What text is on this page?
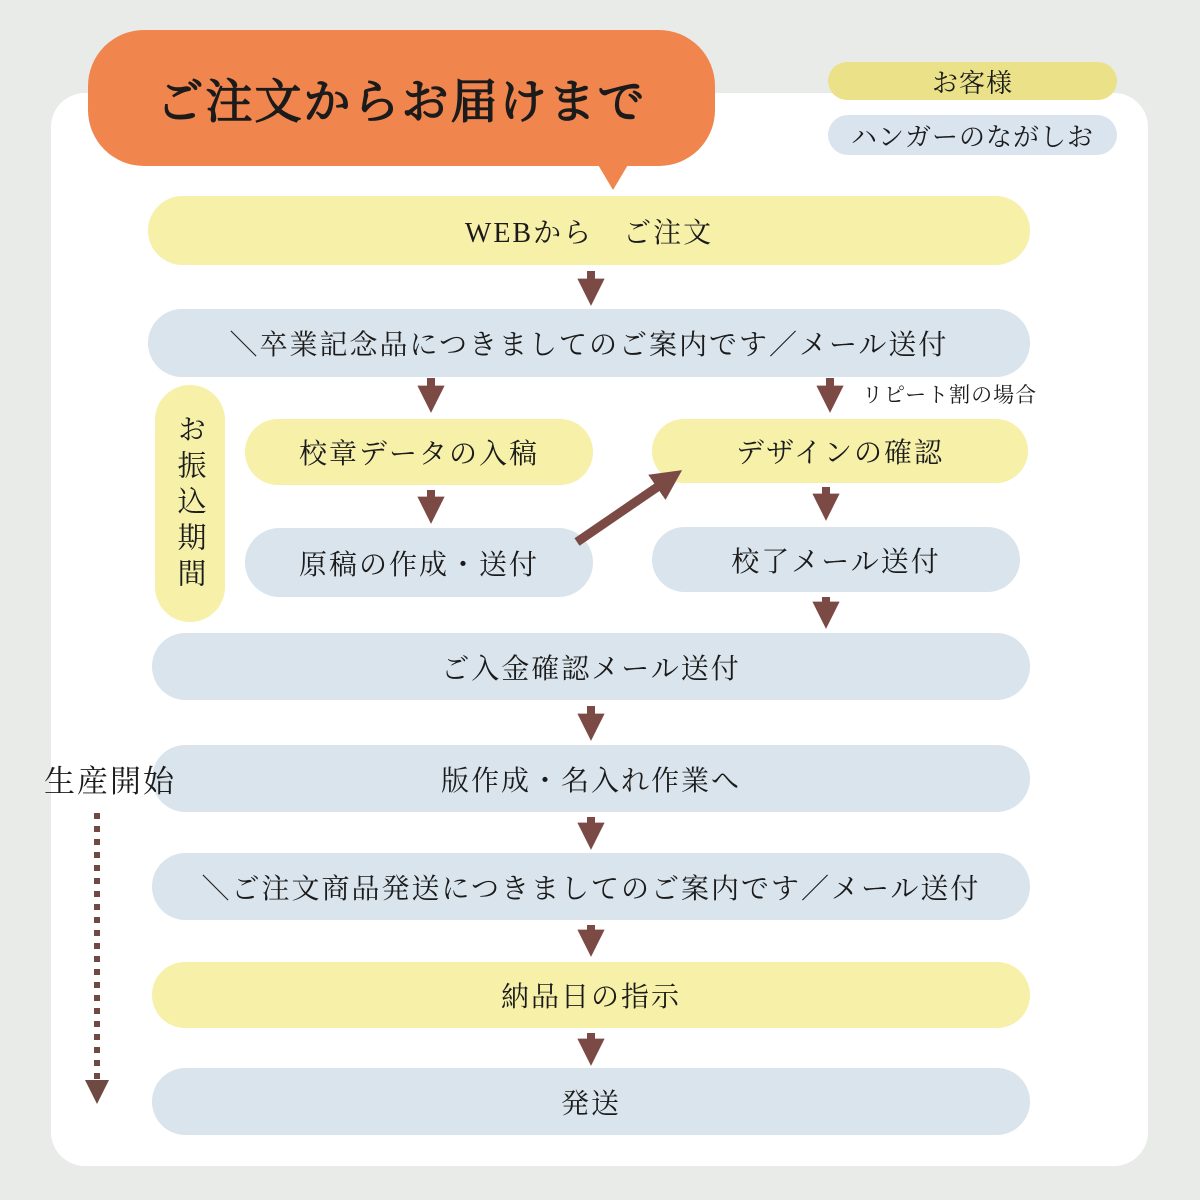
ご注文からお届けまで	お客様
ハンガーのながしお
WEBから　ご注文
＼卒業記念品につきましてのご案内です／メール送付
校章データの入稿	デザインの確認
原稿の作成・送付	校了メール送付
ご入金確認メール送付
版作成・名入れ作業へ
＼ご注文商品発送につきましてのご案内です／メール送付
納品日の指示
発送
お振込期間
リピート割の場合
生産開始
